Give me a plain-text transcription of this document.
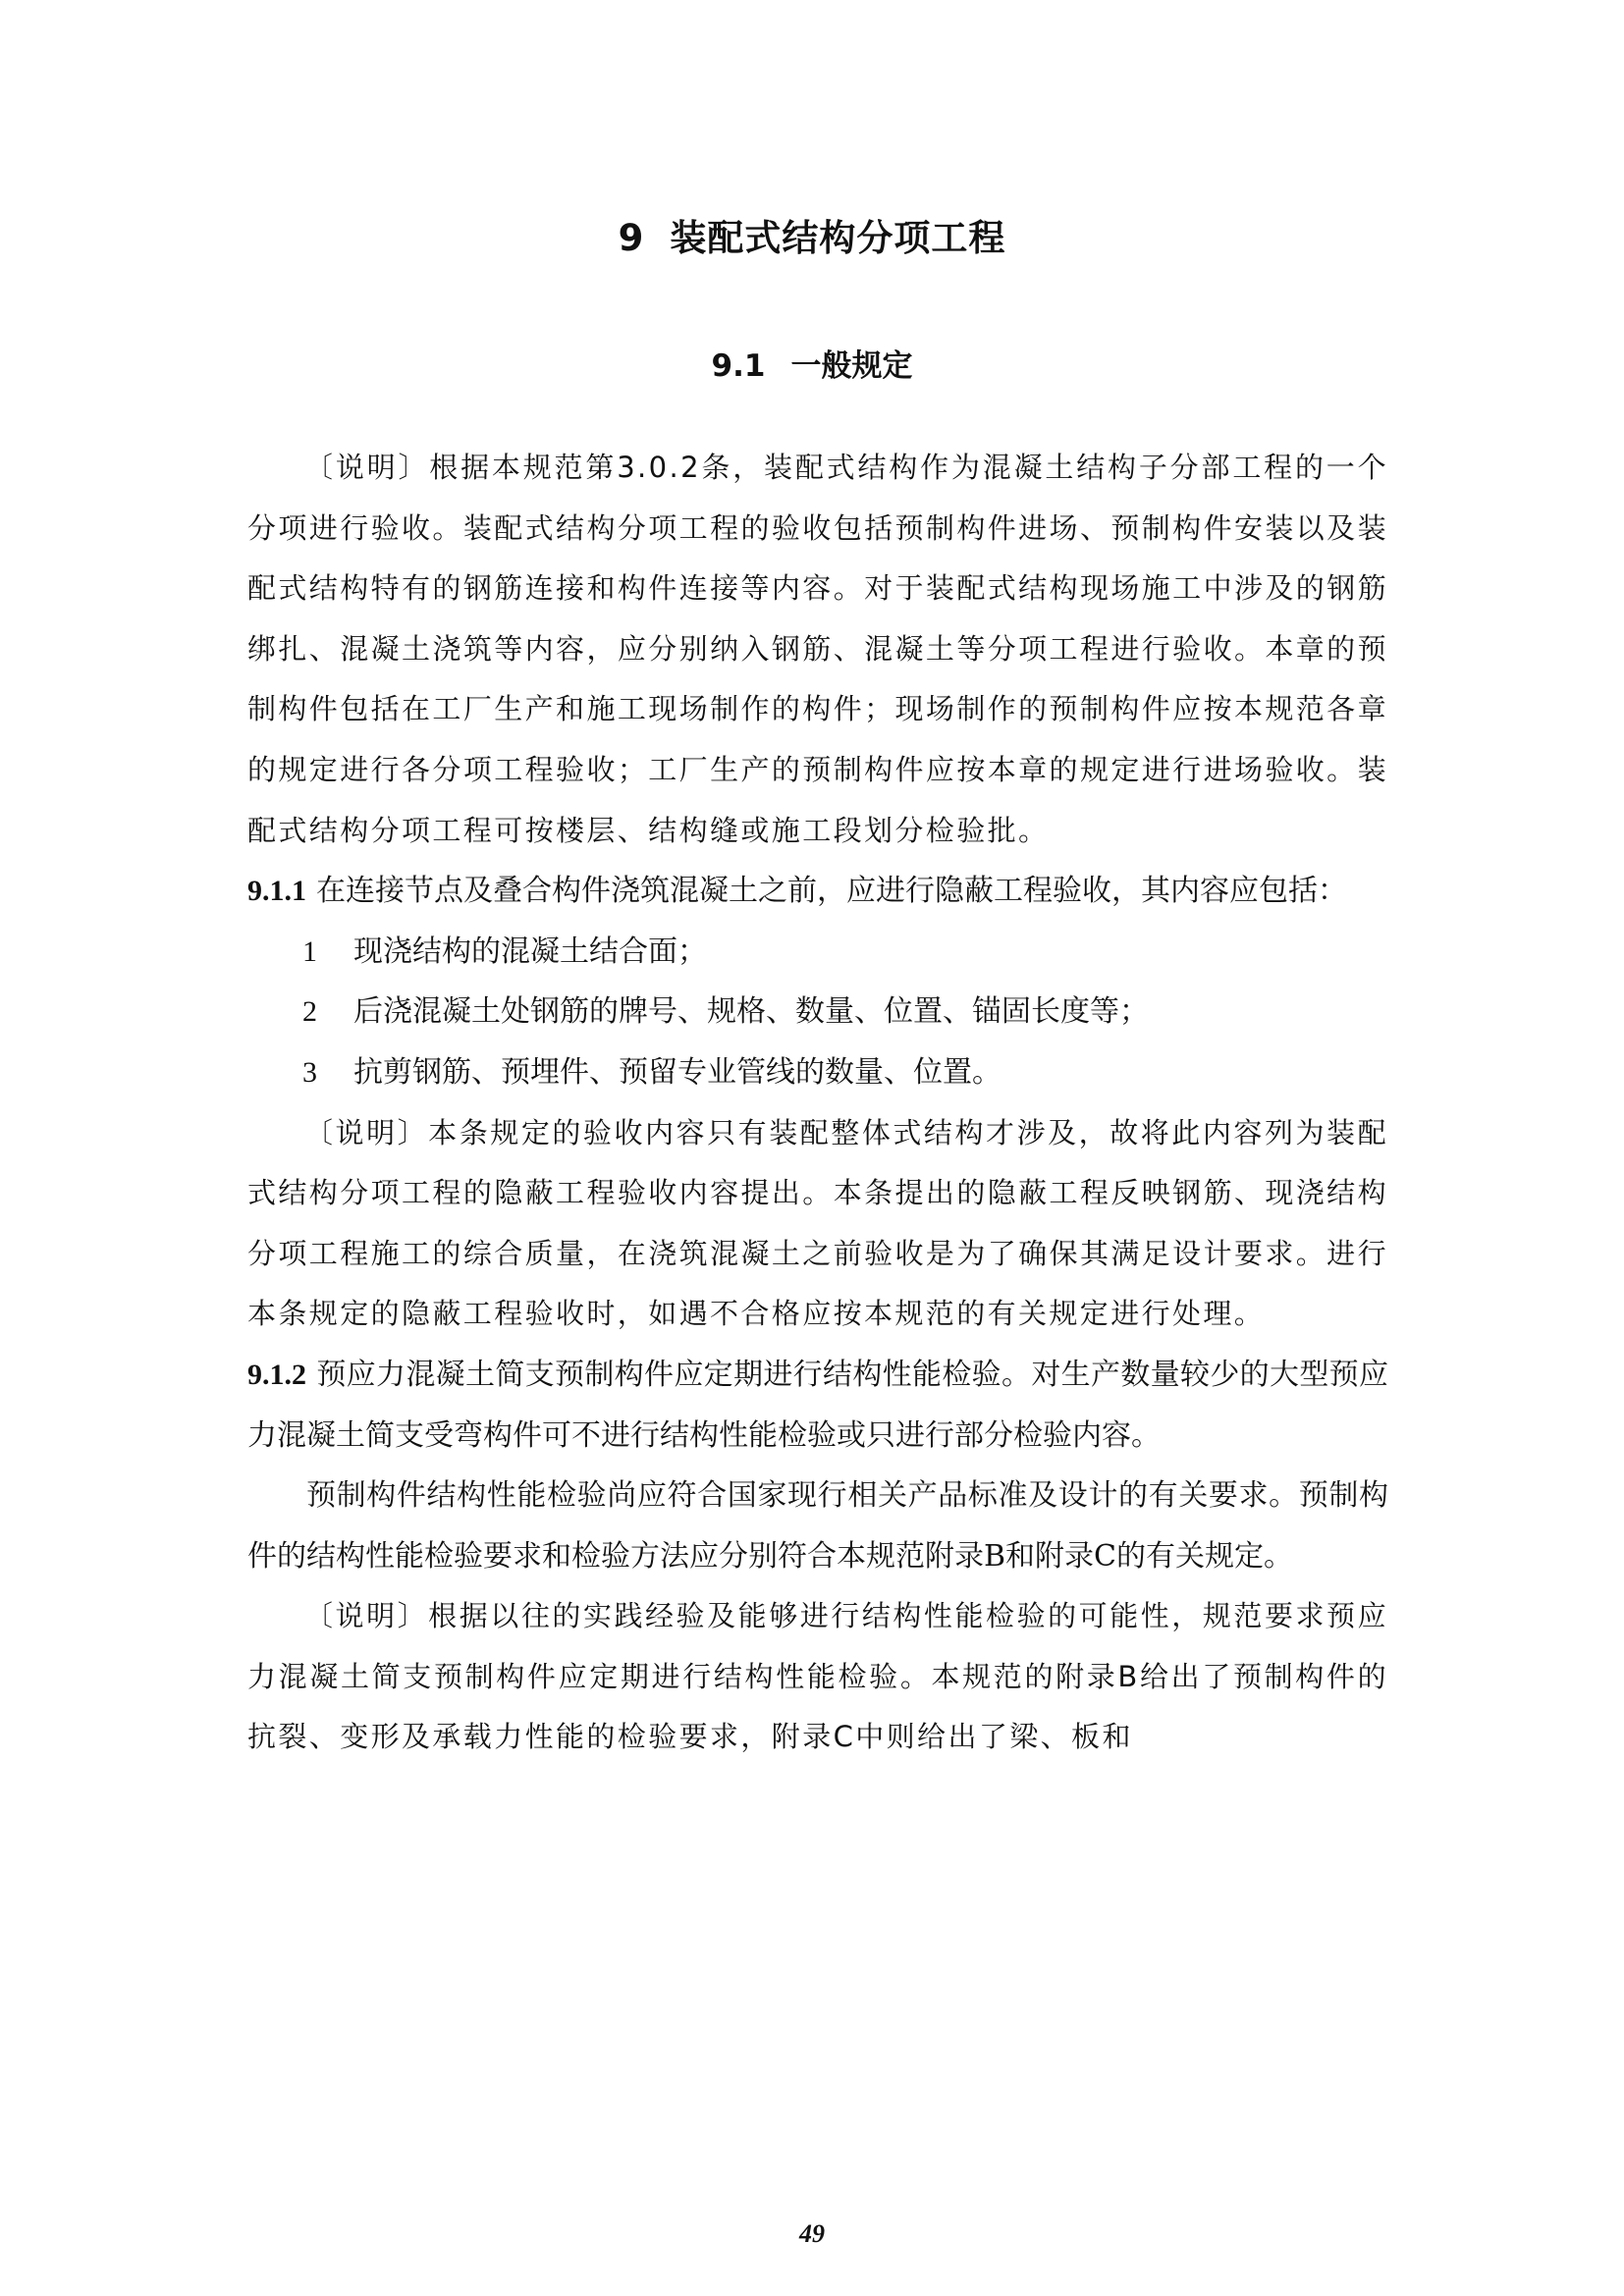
9 装配式结构分项工程
9.1 一般规定

〔说明〕根据本规范第3.0.2条，装配式结构作为混凝土结构子分部工程的一个分项进行验收。装配式结构分项工程的验收包括预制构件进场、预制构件安装以及装配式结构特有的钢筋连接和构件连接等内容。对于装配式结构现场施工中涉及的钢筋绑扎、混凝土浇筑等内容，应分别纳入钢筋、混凝土等分项工程进行验收。本章的预制构件包括在工厂生产和施工现场制作的构件；现场制作的预制构件应按本规范各章的规定进行各分项工程验收；工厂生产的预制构件应按本章的规定进行进场验收。装配式结构分项工程可按楼层、结构缝或施工段划分检验批。

9.1.1 在连接节点及叠合构件浇筑混凝土之前，应进行隐蔽工程验收，其内容应包括：

1 现浇结构的混凝土结合面；

2 后浇混凝土处钢筋的牌号、规格、数量、位置、锚固长度等；

3 抗剪钢筋、预埋件、预留专业管线的数量、位置。

〔说明〕本条规定的验收内容只有装配整体式结构才涉及，故将此内容列为装配式结构分项工程的隐蔽工程验收内容提出。本条提出的隐蔽工程反映钢筋、现浇结构分项工程施工的综合质量，在浇筑混凝土之前验收是为了确保其满足设计要求。进行本条规定的隐蔽工程验收时，如遇不合格应按本规范的有关规定进行处理。

9.1.2 预应力混凝土简支预制构件应定期进行结构性能检验。对生产数量较少的大型预应力混凝土简支受弯构件可不进行结构性能检验或只进行部分检验内容。

预制构件结构性能检验尚应符合国家现行相关产品标准及设计的有关要求。预制构件的结构性能检验要求和检验方法应分别符合本规范附录B和附录C的有关规定。

〔说明〕根据以往的实践经验及能够进行结构性能检验的可能性，规范要求预应力混凝土简支预制构件应定期进行结构性能检验。本规范的附录B给出了预制构件的抗裂、变形及承载力性能的检验要求，附录C中则给出了梁、板和

49
